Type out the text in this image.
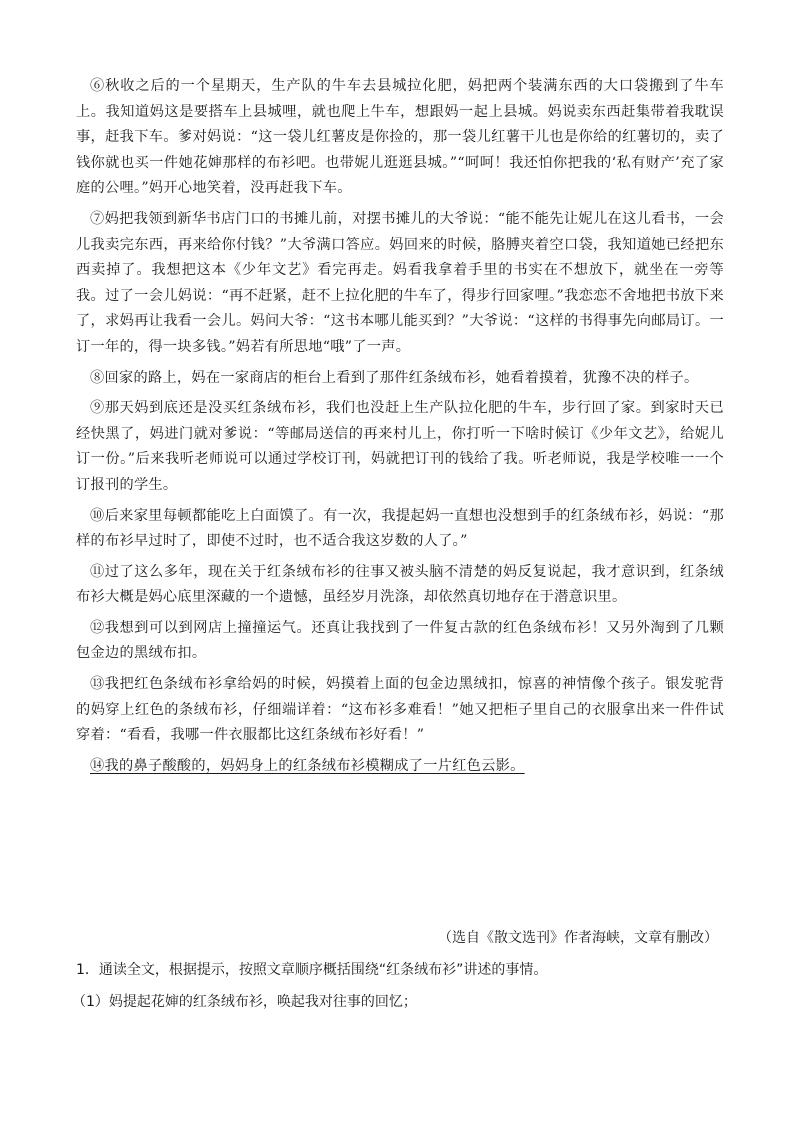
⑥秋收之后的一个星期天，生产队的牛车去县城拉化肥，妈把两个装满东西的大口袋搬到了牛车上。我知道妈这是要搭车上县城哩，就也爬上牛车，想跟妈一起上县城。妈说卖东西赶集带着我耽误事，赶我下车。爹对妈说：“这一袋儿红薯皮是你捡的，那一袋儿红薯干儿也是你给的红薯切的，卖了钱你就也买一件她花婶那样的布衫吧。也带妮儿逛逛县城。”“呵呵！我还怕你把我的‘私有财产’充了家庭的公哩。”妈开心地笑着，没再赶我下车。

⑦妈把我领到新华书店门口的书摊儿前，对摆书摊儿的大爷说：“能不能先让妮儿在这儿看书，一会儿我卖完东西，再来给你付钱？”大爷满口答应。妈回来的时候，胳膊夹着空口袋，我知道她已经把东西卖掉了。我想把这本《少年文艺》看完再走。妈看我拿着手里的书实在不想放下，就坐在一旁等我。过了一会儿妈说：“再不赶紧，赶不上拉化肥的牛车了，得步行回家哩。”我恋恋不舍地把书放下来了，求妈再让我看一会儿。妈问大爷：“这书本哪儿能买到？”大爷说：“这样的书得事先向邮局订。一订一年的，得一块多钱。”妈若有所思地“哦”了一声。

⑧回家的路上，妈在一家商店的柜台上看到了那件红条绒布衫，她看着摸着，犹豫不决的样子。

⑨那天妈到底还是没买红条绒布衫，我们也没赶上生产队拉化肥的牛车，步行回了家。到家时天已经快黑了，妈进门就对爹说：“等邮局送信的再来村儿上，你打听一下啥时候订《少年文艺》，给妮儿订一份。”后来我听老师说可以通过学校订刊，妈就把订刊的钱给了我。听老师说，我是学校唯一一个订报刊的学生。

⑩后来家里每顿都能吃上白面馍了。有一次，我提起妈一直想也没想到手的红条绒布衫，妈说：“那样的布衫早过时了，即使不过时，也不适合我这岁数的人了。”

⑪过了这么多年，现在关于红条绒布衫的往事又被头脑不清楚的妈反复说起，我才意识到，红条绒布衫大概是妈心底里深藏的一个遗憾，虽经岁月洗涤，却依然真切地存在于潜意识里。

⑫我想到可以到网店上撞撞运气。还真让我找到了一件复古款的红色条绒布衫！又另外淘到了几颗包金边的黑绒布扣。

⑬我把红色条绒布衫拿给妈的时候，妈摸着上面的包金边黑绒扣，惊喜的神情像个孩子。银发驼背的妈穿上红色的条绒布衫，仔细端详着：“这布衫多难看！”她又把柜子里自己的衣服拿出来一件件试穿着：“看看，我哪一件衣服都比这红条绒布衫好看！”

⑭我的鼻子酸酸的，妈妈身上的红条绒布衫模糊成了一片红色云影。

（选自《散文选刊》作者海峡，文章有删改）
1．通读全文，根据提示，按照文章顺序概括围绕“红条绒布衫”讲述的事情。
（1）妈提起花婶的红条绒布衫，唤起我对往事的回忆；
